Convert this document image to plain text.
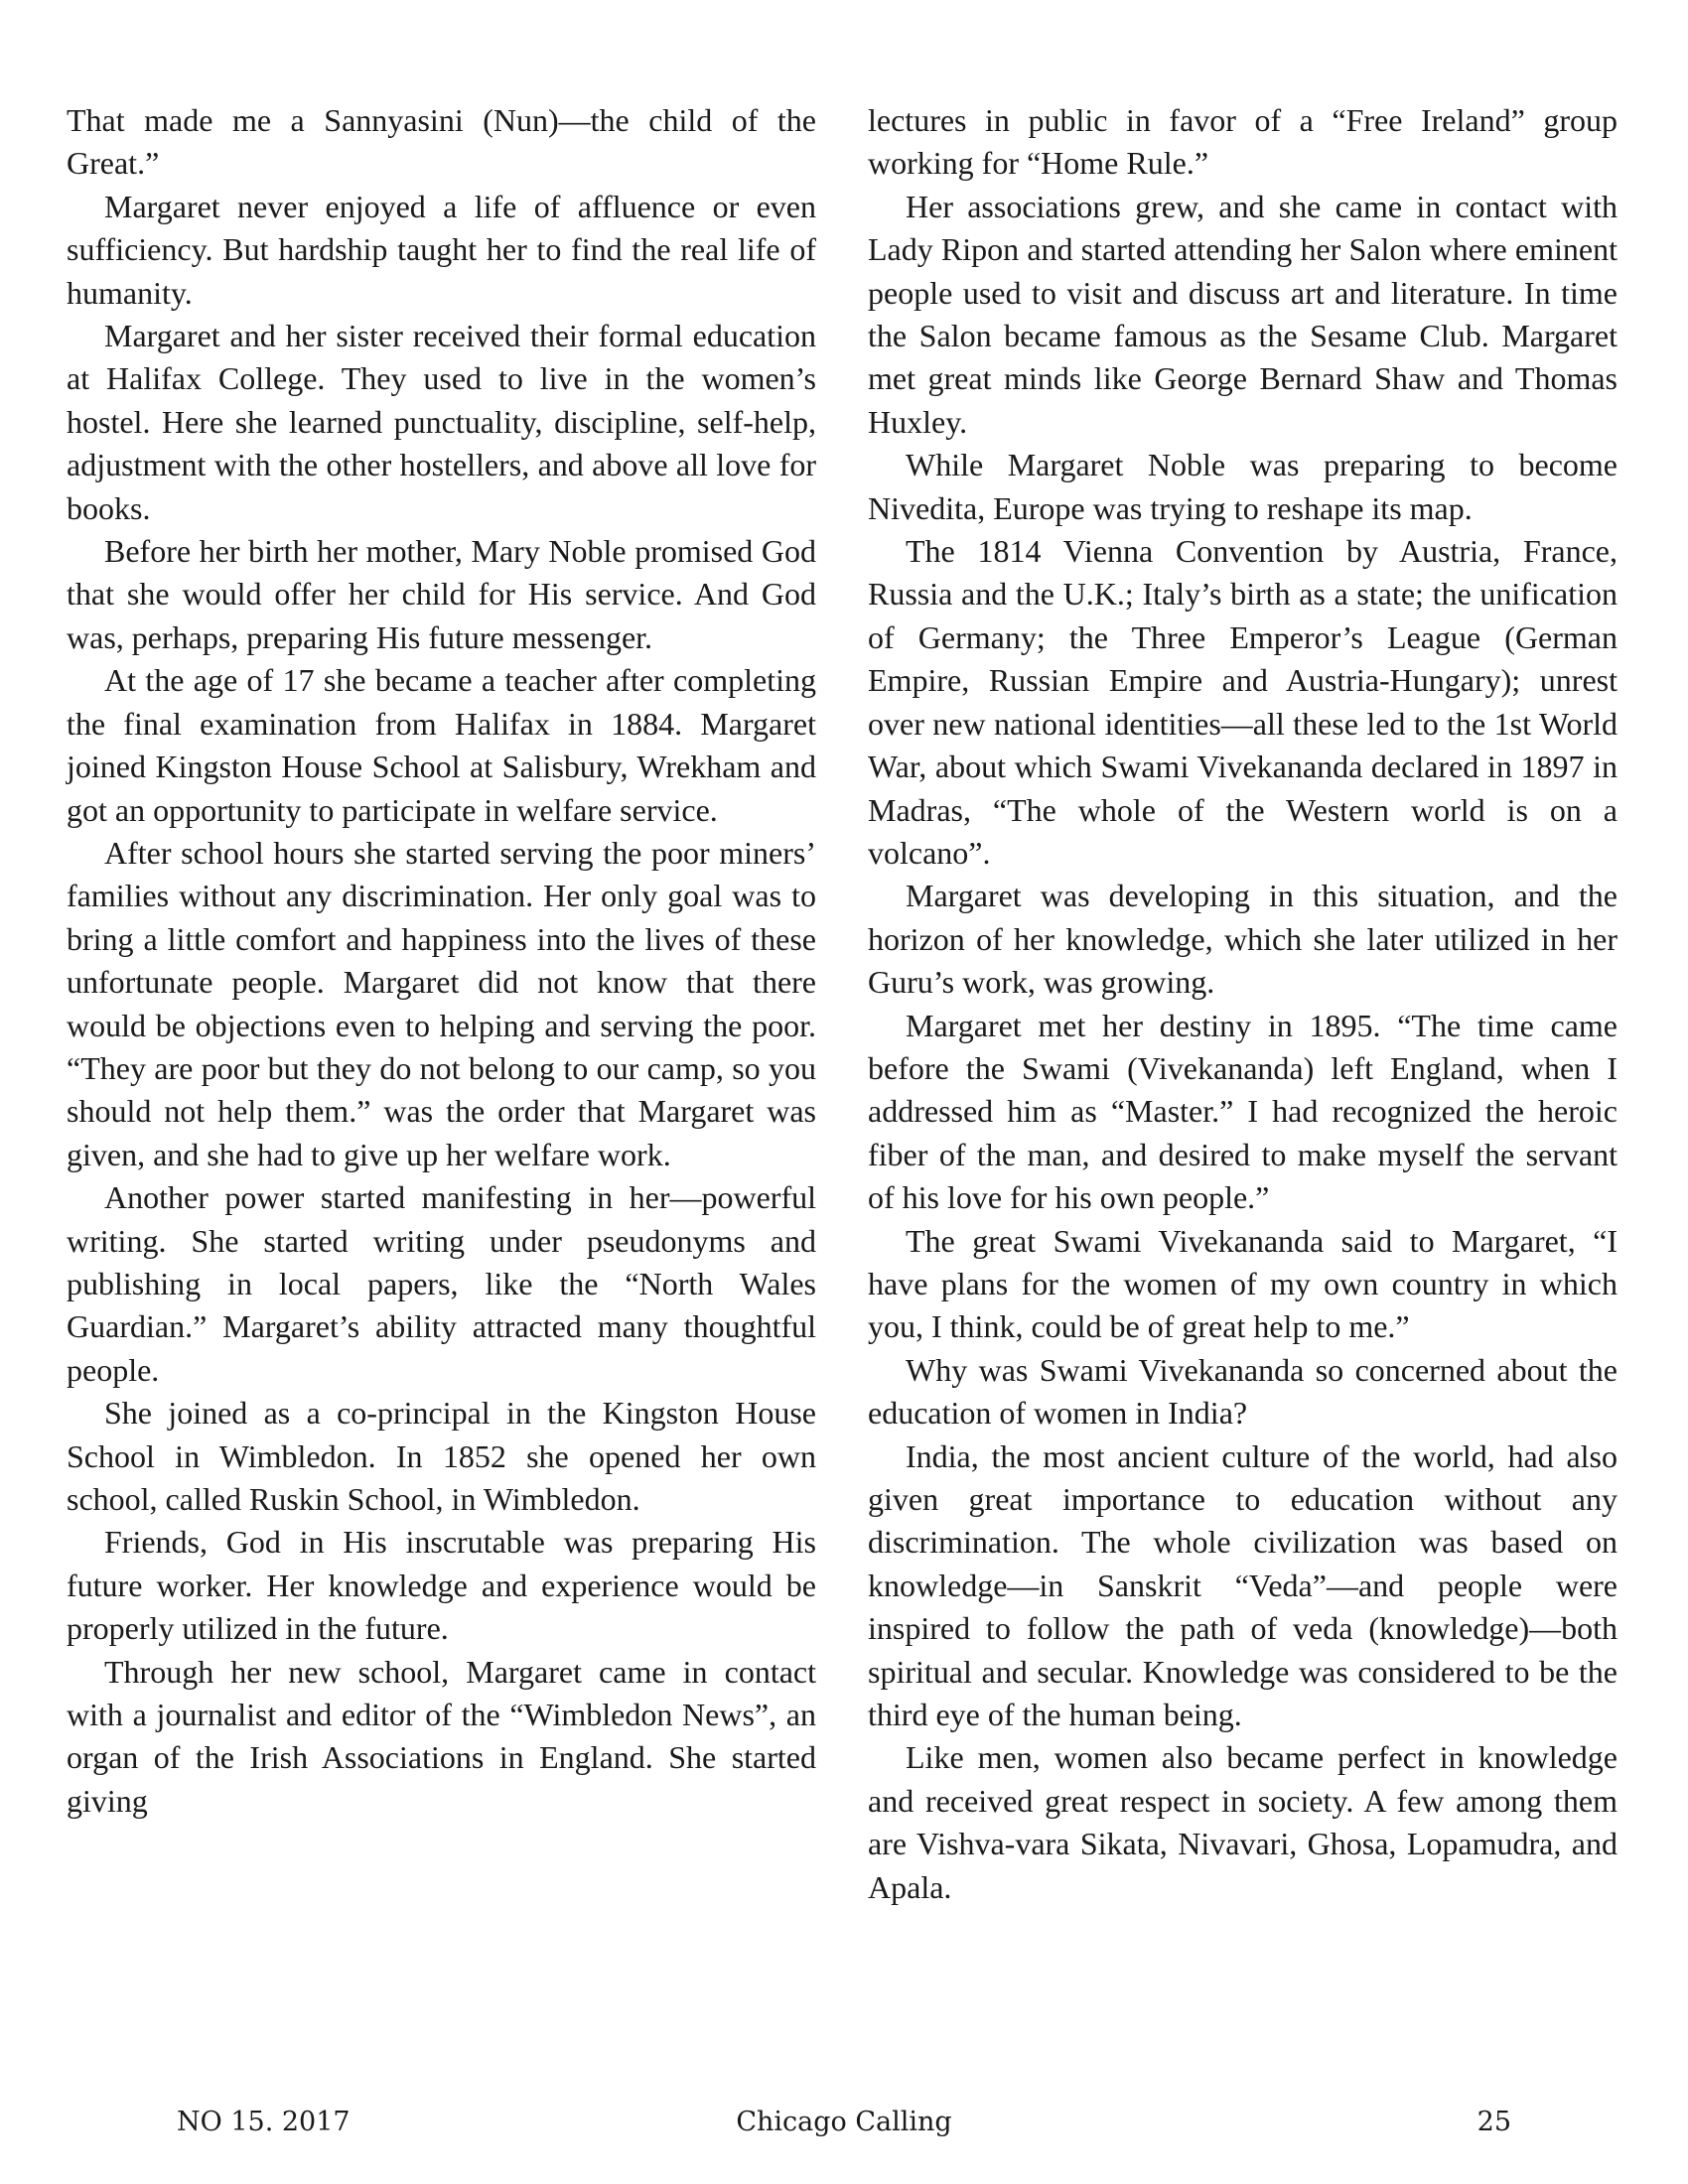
That made me a Sannyasini (Nun)—the child of the Great.”

Margaret never enjoyed a life of affluence or even sufficiency. But hardship taught her to find the real life of humanity.

Margaret and her sister received their formal education at Halifax College. They used to live in the women’s hostel. Here she learned punctuality, discipline, self-help, adjustment with the other hostellers, and above all love for books.

Before her birth her mother, Mary Noble promised God that she would offer her child for His service. And God was, perhaps, preparing His future messenger.

At the age of 17 she became a teacher after completing the final examination from Halifax in 1884. Margaret joined Kingston House School at Salisbury, Wrekham and got an opportunity to participate in welfare service.

After school hours she started serving the poor miners’ families without any discrimination. Her only goal was to bring a little comfort and happiness into the lives of these unfortunate people. Margaret did not know that there would be objections even to helping and serving the poor. “They are poor but they do not belong to our camp, so you should not help them.” was the order that Margaret was given, and she had to give up her welfare work.

Another power started manifesting in her—powerful writing. She started writing under pseudonyms and publishing in local papers, like the “North Wales Guardian.” Margaret’s ability attracted many thoughtful people.

She joined as a co-principal in the Kingston House School in Wimbledon. In 1852 she opened her own school, called Ruskin School, in Wimbledon.

Friends, God in His inscrutable was preparing His future worker. Her knowledge and experience would be properly utilized in the future.

Through her new school, Margaret came in contact with a journalist and editor of the “Wimbledon News”, an organ of the Irish Associations in England. She started giving

lectures in public in favor of a “Free Ireland” group working for “Home Rule.”

Her associations grew, and she came in contact with Lady Ripon and started attending her Salon where eminent people used to visit and discuss art and literature. In time the Salon became famous as the Sesame Club. Margaret met great minds like George Bernard Shaw and Thomas Huxley.

While Margaret Noble was preparing to become Nivedita, Europe was trying to reshape its map.

The 1814 Vienna Convention by Austria, France, Russia and the U.K.; Italy’s birth as a state; the unification of Germany; the Three Emperor’s League (German Empire, Russian Empire and Austria-Hungary); unrest over new national identities—all these led to the 1st World War, about which Swami Vivekananda declared in 1897 in Madras, “The whole of the Western world is on a volcano”.

Margaret was developing in this situation, and the horizon of her knowledge, which she later utilized in her Guru’s work, was growing.

Margaret met her destiny in 1895. “The time came before the Swami (Vivekananda) left England, when I addressed him as “Master.” I had recognized the heroic fiber of the man, and desired to make myself the servant of his love for his own people.”

The great Swami Vivekananda said to Margaret, “I have plans for the women of my own country in which you, I think, could be of great help to me.”

Why was Swami Vivekananda so concerned about the education of women in India?

India, the most ancient culture of the world, had also given great importance to education without any discrimination. The whole civilization was based on knowledge—in Sanskrit “Veda”—and people were inspired to follow the path of veda (knowledge)—both spiritual and secular. Knowledge was considered to be the third eye of the human being.

Like men, women also became perfect in knowledge and received great respect in society. A few among them are Vishva-vara Sikata, Nivavari, Ghosa, Lopamudra, and Apala.

NO 15. 2017	Chicago Calling	25
